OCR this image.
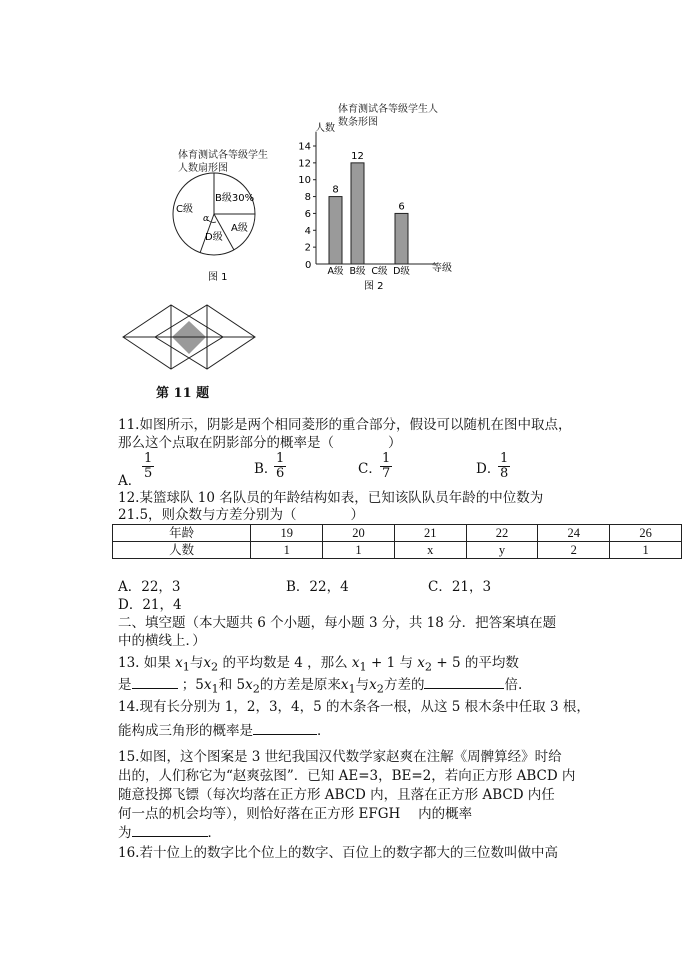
体育测试各等级学生
人数扇形图
B级30%
C级
A级
D级
α
图 1
体育测试各等级学生人
数条形图
人数
0	等级
图 2
2
4
6
8
10
12
14
8
A级
12
B级 C级
6
D级
第 11 题
11.如图所示，阴影是两个相同菱形的重合部分，假设可以随机在图中取点，
那么这个点取在阴影部分的概率是（　　　　）
A． $\frac{1}{5}$	B．
$\frac{1}{6}$	C．
$\frac{1}{7}$	D．
$\frac{1}{8}$
12.某篮球队 10 名队员的年龄结构如表，已知该队队员年龄的中位数为
21.5，则众数与方差分别为（　　　　）
年龄	19	20	21	22	24	26
人数	1	1	x	y	2	1
A．22，3	B．22，4	C．21，3
D．21，4
二、填空题（本大题共 6 个小题，每小题 3 分，共 18 分．把答案填在题
中的横线上．）
13. 如果 $x_1$与$x_2$ 的平均数是 4 ，那么 $x_1 + 1$ 与 $x_2 + 5$ 的平均数
是	；$5x_1$和 $5x_2$的方差是原来$x_1$与$x_2$方差的	倍.
14.现有长分别为 1，2，3，4，5 的木条各一根，从这 5 根木条中任取 3 根，
能构成三角形的概率是	．
15.如图，这个图案是 3 世纪我国汉代数学家赵爽在注解《周髀算经》时给
出的，人们称它为“赵爽弦图”．已知 AE=3，BE=2，若向正方形 ABCD 内
随意投掷飞镖（每次均落在正方形 ABCD 内，且落在正方形 ABCD 内任
何一点的机会均等），则恰好落在正方形 EFGH　 内的概率
为	．
16.若十位上的数字比个位上的数字、百位上的数字都大的三位数叫做中高
